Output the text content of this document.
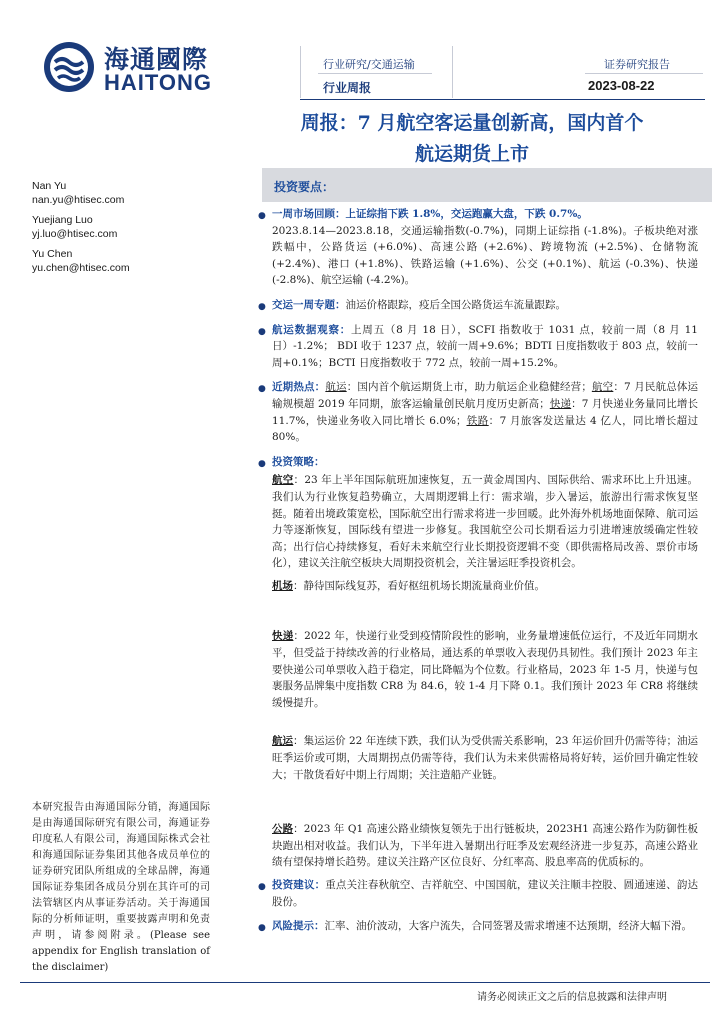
海通國際
HAITONG
行业研究/交通运输
行业周报
证券研究报告
2023-08-22
周报：7 月航空客运量创新高，国内首个
航运期货上市
Nan Yu
nan.yu@htisec.com
Yuejiang Luo
yj.luo@htisec.com
Yu Chen
yu.chen@htisec.com
投资要点：
● 一周市场回顾：上证综指下跌 1.8%，交运跑赢大盘，下跌 0.7%。
2023.8.14—2023.8.18，交通运输指数(-0.7%)，同期上证综指 (-1.8%)。子板块绝对涨跌幅中，公路货运 (+6.0%)、高速公路 (+2.6%)、跨境物流 (+2.5%)、仓储物流 (+2.4%)、港口 (+1.8%)、铁路运输 (+1.6%)、公交 (+0.1%)、航运 (-0.3%)、快递 (-2.8%)、航空运输 (-4.2%)。
● 交运一周专题：油运价格跟踪，疫后全国公路货运车流量跟踪。
● 航运数据观察：上周五（8 月 18 日），SCFI 指数收于 1031 点，较前一周（8 月 11 日）-1.2%； BDI 收于 1237 点，较前一周+9.6%；BDTI 日度指数收于 803 点，较前一周+0.1%；BCTI 日度指数收于 772 点，较前一周+15.2%。
● 近期热点：航运：国内首个航运期货上市，助力航运企业稳健经营；航空：7 月民航总体运输规模超 2019 年同期，旅客运输量创民航月度历史新高；快递：7 月快递业务量同比增长 11.7%，快递业务收入同比增长 6.0%；铁路：7 月旅客发送量达 4 亿人，同比增长超过 80%。
● 投资策略：
航空：23 年上半年国际航班加速恢复，五一黄金周国内、国际供给、需求环比上升迅速。我们认为行业恢复趋势确立，大周期逻辑上行：需求端，步入暑运，旅游出行需求恢复坚挺。随着出境政策宽松，国际航空出行需求将进一步回暖。此外海外机场地面保障、航司运力等逐渐恢复，国际线有望进一步修复。我国航空公司长期看运力引进增速放缓确定性较高；出行信心持续修复，看好未来航空行业长期投资逻辑不变（即供需格局改善、票价市场化），建议关注航空板块大周期投资机会，关注暑运旺季投资机会。
机场：静待国际线复苏，看好枢纽机场长期流量商业价值。
快递：2022 年，快递行业受到疫情阶段性的影响，业务量增速低位运行，不及近年同期水平，但受益于持续改善的行业格局，通达系的单票收入表现仍具韧性。我们预计 2023 年主要快递公司单票收入趋于稳定，同比降幅为个位数。行业格局，2023 年 1-5 月，快递与包裹服务品牌集中度指数 CR8 为 84.6，较 1-4 月下降 0.1。我们预计 2023 年 CR8 将继续缓慢提升。
航运：集运运价 22 年连续下跌，我们认为受供需关系影响，23 年运价回升仍需等待；油运旺季运价或可期，大周期拐点仍需等待，我们认为未来供需格局将好转，运价回升确定性较大；干散货看好中期上行周期；关注造船产业链。
公路：2023 年 Q1 高速公路业绩恢复领先于出行链板块，2023H1 高速公路作为防御性板块跑出相对收益。我们认为，下半年进入暑期出行旺季及宏观经济进一步复苏，高速公路业绩有望保持增长趋势。建议关注路产区位良好、分红率高、股息率高的优质标的。
● 投资建议：重点关注春秋航空、吉祥航空、中国国航，建议关注顺丰控股、圆通速递、韵达股份。
● 风险提示：汇率、油价波动，大客户流失，合同签署及需求增速不达预期，经济大幅下滑。
本研究报告由海通国际分销，海通国际是由海通国际研究有限公司，海通证券印度私人有限公司，海通国际株式会社和海通国际证券集团其他各成员单位的证券研究团队所组成的全球品牌，海通国际证券集团各成员分别在其许可的司法管辖区内从事证券活动。关于海通国际的分析师证明，重要披露声明和免责声明，请参阅附录。(Please see appendix for English translation of the disclaimer)
请务必阅读正文之后的信息披露和法律声明
